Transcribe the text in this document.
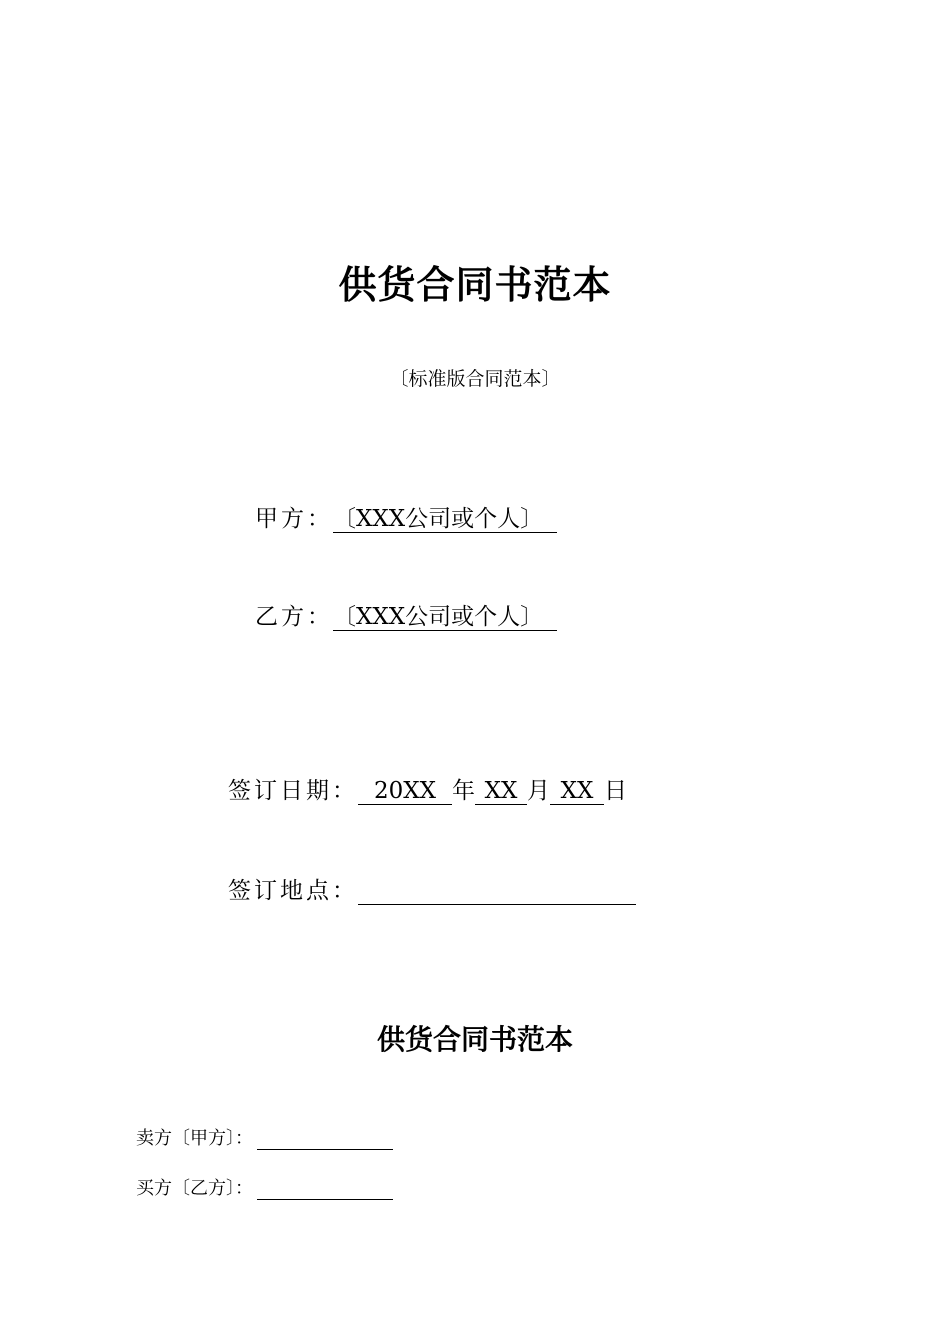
供货合同书范本
〔标准版合同范本〕
甲方：〔XXX公司或个人〕
乙方：〔XXX公司或个人〕
签订日期： 20XX 年 XX 月 XX 日
签订地点：
供货合同书范本
卖方〔甲方〕：
买方〔乙方〕：
